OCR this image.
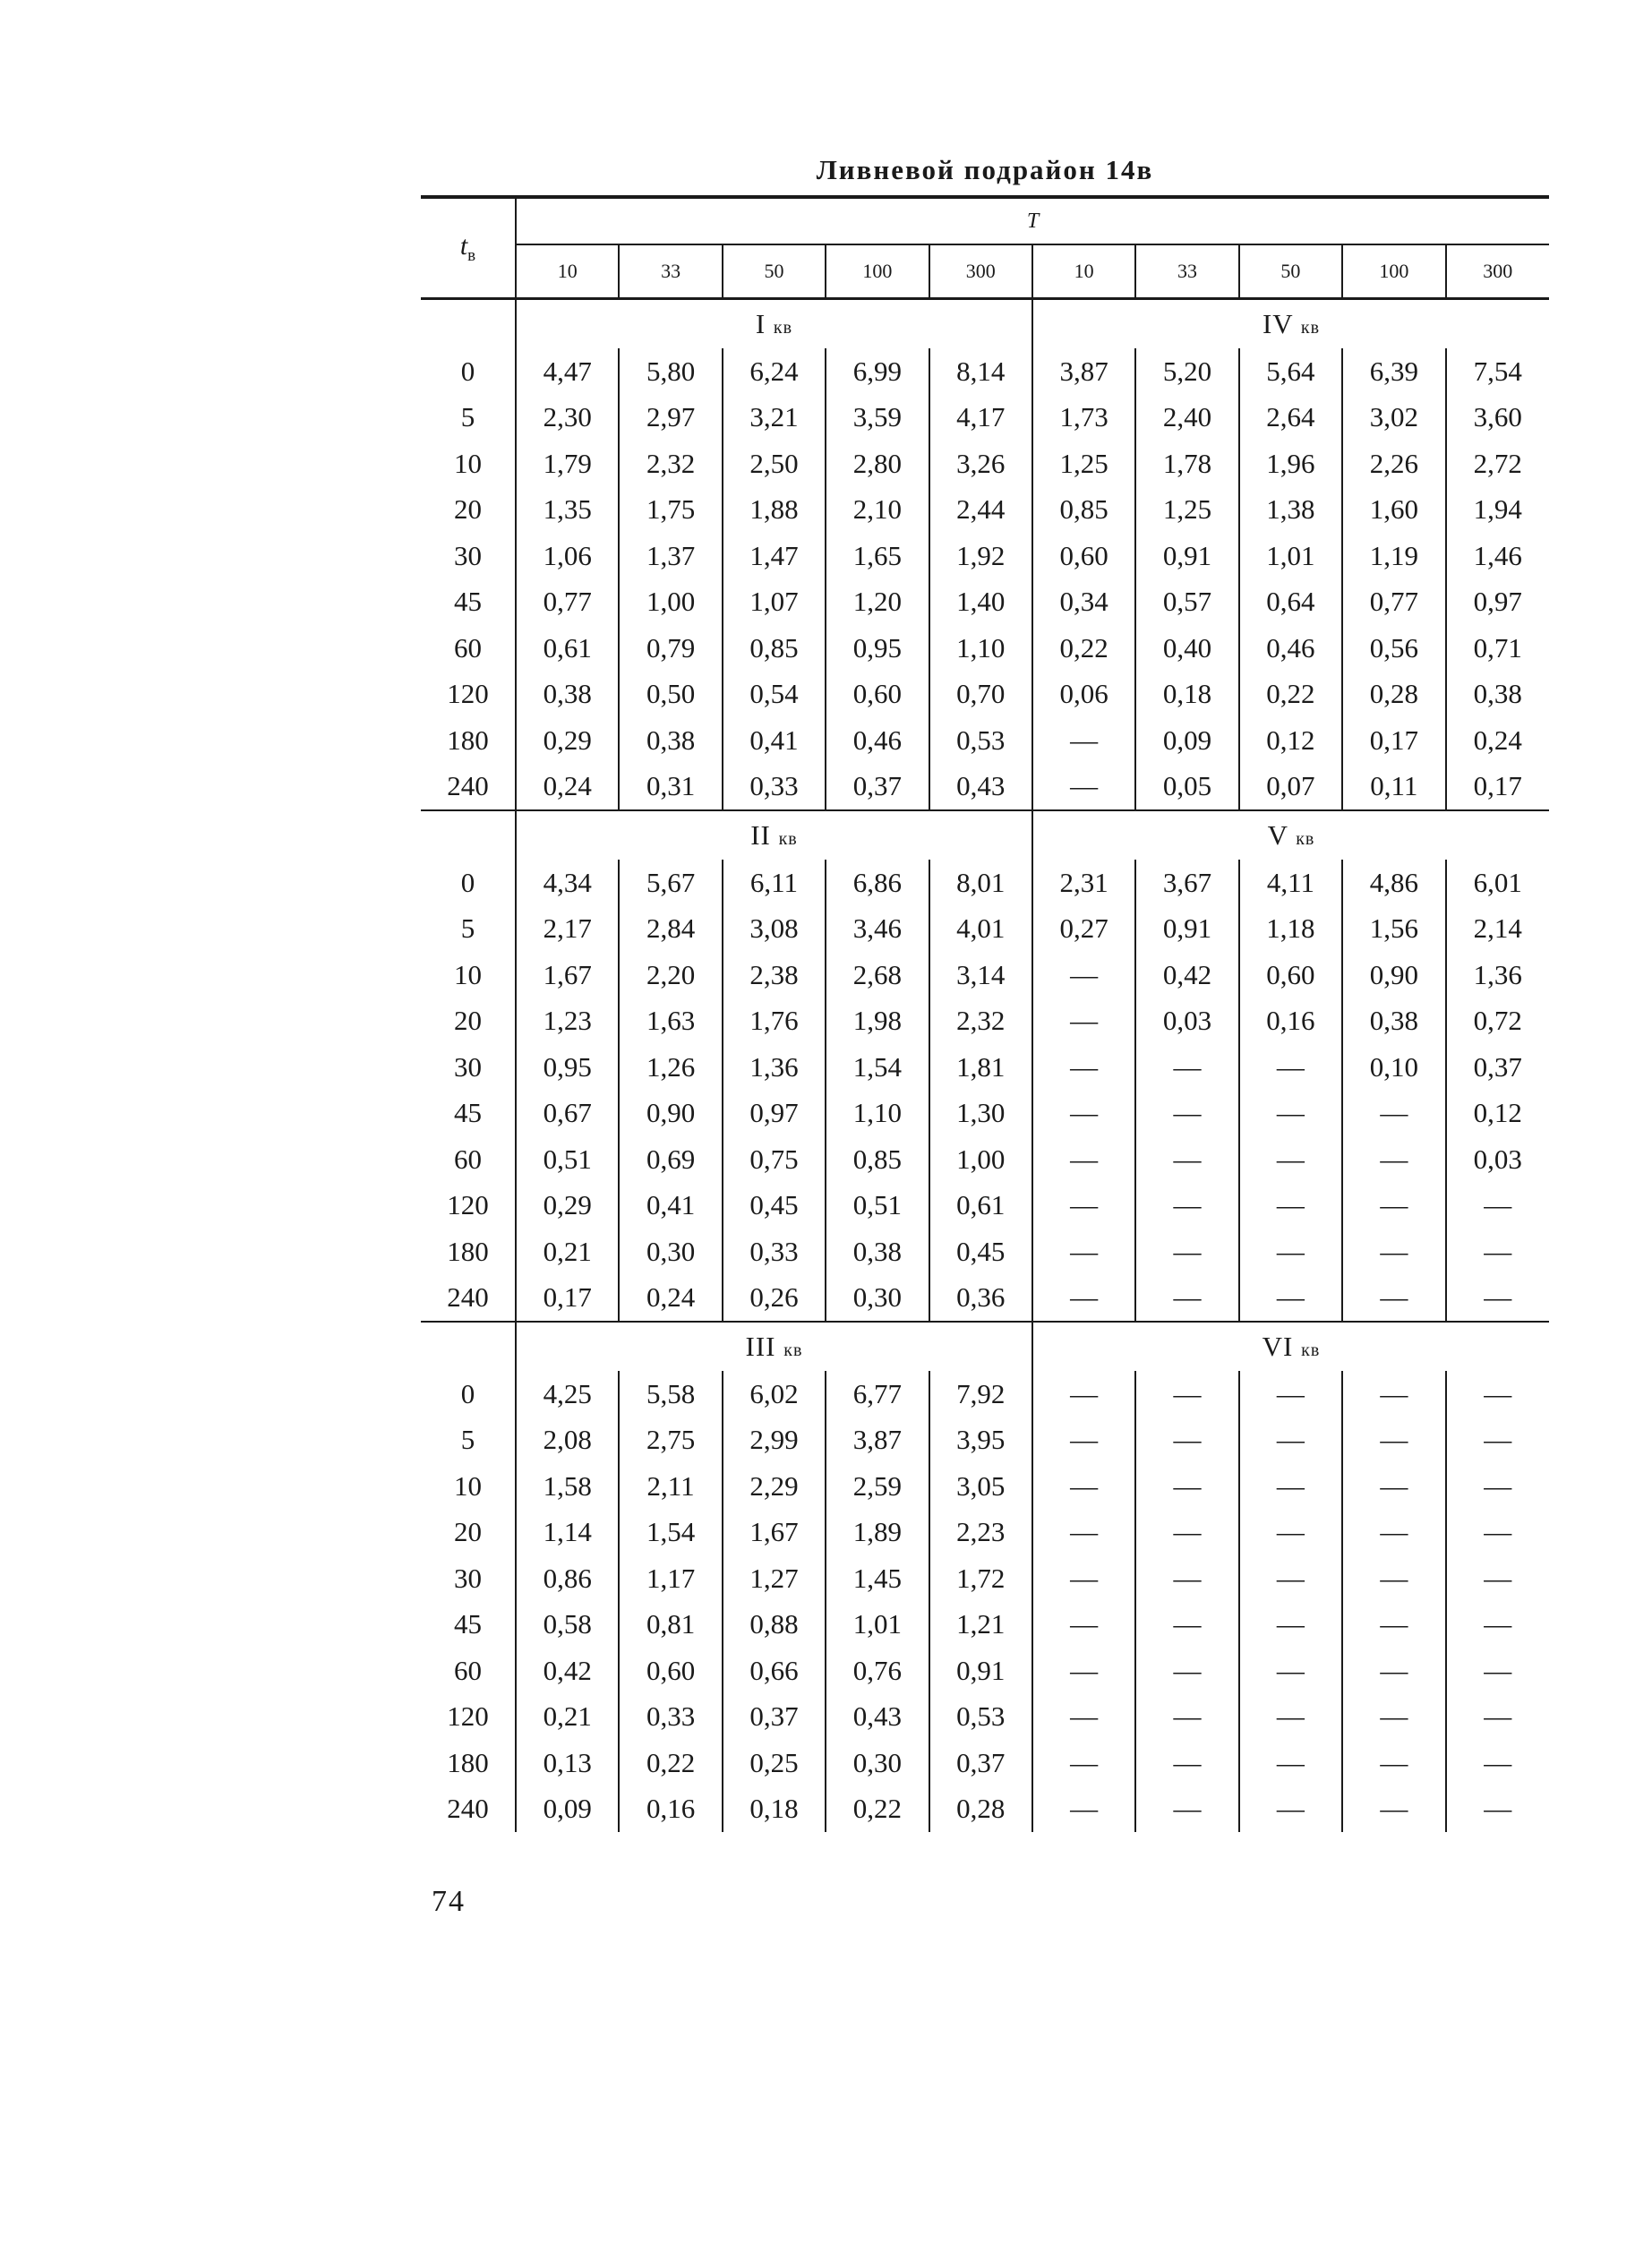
Ливневой подрайон 14в
$t_в$	T									
	10	33	50	100	300	10	33	50	100	300
	I кв					IV кв				
0	4,47	5,80	6,24	6,99	8,14	3,87	5,20	5,64	6,39	7,54
5	2,30	2,97	3,21	3,59	4,17	1,73	2,40	2,64	3,02	3,60
10	1,79	2,32	2,50	2,80	3,26	1,25	1,78	1,96	2,26	2,72
20	1,35	1,75	1,88	2,10	2,44	0,85	1,25	1,38	1,60	1,94
30	1,06	1,37	1,47	1,65	1,92	0,60	0,91	1,01	1,19	1,46
45	0,77	1,00	1,07	1,20	1,40	0,34	0,57	0,64	0,77	0,97
60	0,61	0,79	0,85	0,95	1,10	0,22	0,40	0,46	0,56	0,71
120	0,38	0,50	0,54	0,60	0,70	0,06	0,18	0,22	0,28	0,38
180	0,29	0,38	0,41	0,46	0,53	—	0,09	0,12	0,17	0,24
240	0,24	0,31	0,33	0,37	0,43	—	0,05	0,07	0,11	0,17
	II кв					V кв				
0	4,34	5,67	6,11	6,86	8,01	2,31	3,67	4,11	4,86	6,01
5	2,17	2,84	3,08	3,46	4,01	0,27	0,91	1,18	1,56	2,14
10	1,67	2,20	2,38	2,68	3,14	—	0,42	0,60	0,90	1,36
20	1,23	1,63	1,76	1,98	2,32	—	0,03	0,16	0,38	0,72
30	0,95	1,26	1,36	1,54	1,81	—	—	—	0,10	0,37
45	0,67	0,90	0,97	1,10	1,30	—	—	—	—	0,12
60	0,51	0,69	0,75	0,85	1,00	—	—	—	—	0,03
120	0,29	0,41	0,45	0,51	0,61	—	—	—	—	—
180	0,21	0,30	0,33	0,38	0,45	—	—	—	—	—
240	0,17	0,24	0,26	0,30	0,36	—	—	—	—	—
	III кв					VI кв				
0	4,25	5,58	6,02	6,77	7,92	—	—	—	—	—
5	2,08	2,75	2,99	3,87	3,95	—	—	—	—	—
10	1,58	2,11	2,29	2,59	3,05	—	—	—	—	—
20	1,14	1,54	1,67	1,89	2,23	—	—	—	—	—
30	0,86	1,17	1,27	1,45	1,72	—	—	—	—	—
45	0,58	0,81	0,88	1,01	1,21	—	—	—	—	—
60	0,42	0,60	0,66	0,76	0,91	—	—	—	—	—
120	0,21	0,33	0,37	0,43	0,53	—	—	—	—	—
180	0,13	0,22	0,25	0,30	0,37	—	—	—	—	—
240	0,09	0,16	0,18	0,22	0,28	—	—	—	—	—
74
